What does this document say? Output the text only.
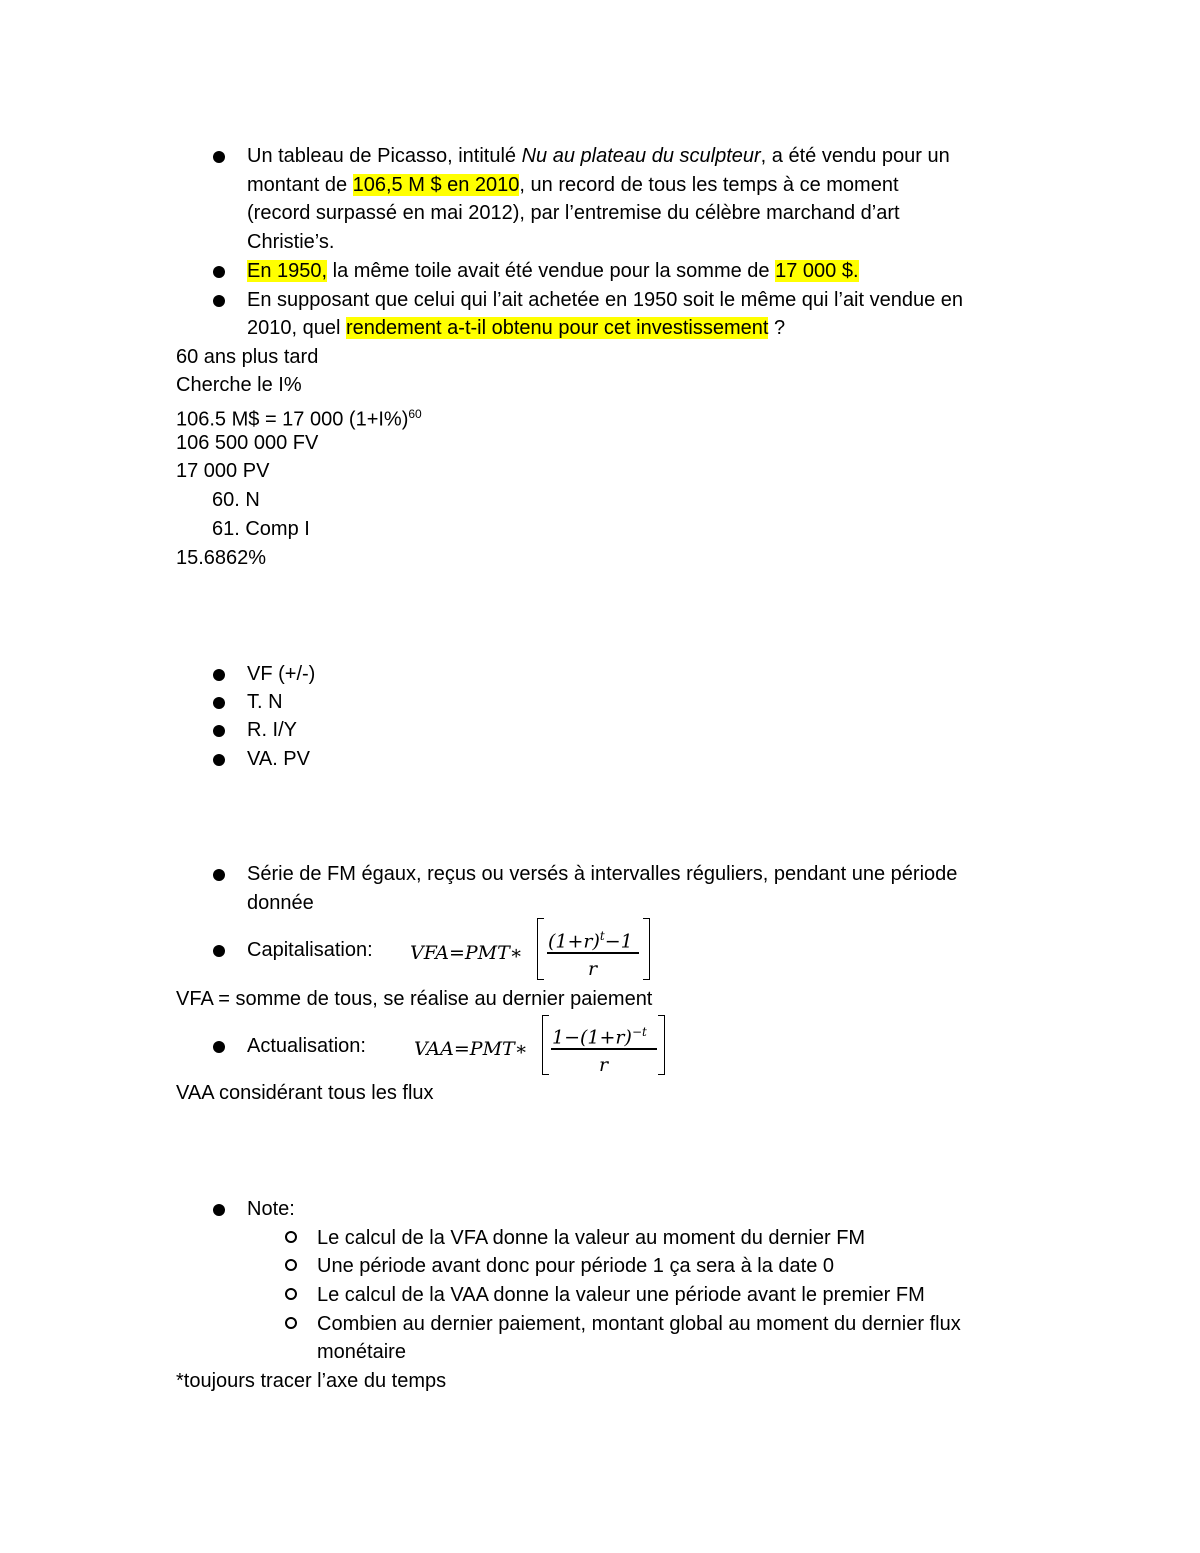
Un tableau de Picasso, intitulé Nu au plateau du sculpteur, a été vendu pour un
montant de 106,5 M $ en 2010, un record de tous les temps à ce moment
(record surpassé en mai 2012), par l’entremise du célèbre marchand d’art
Christie’s.
En 1950, la même toile avait été vendue pour la somme de 17 000 $.
En supposant que celui qui l’ait achetée en 1950 soit le même qui l’ait vendue en
2010, quel rendement a-t-il obtenu pour cet investissement ?
60 ans plus tard
Cherche le I%
106.5 M$ = 17 000 $(1+I\%)^{60}$
106 500 000 FV
17 000 PV
60. N
61. Comp I
15.6862%
VF (+/-)
T. N
R. I/Y
VA. PV
Série de FM égaux, reçus ou versés à intervalles réguliers, pendant une période
donnée
Capitalisation: VFA=PMT∗
$(1+r)^t-1$
r
VFA = somme de tous, se réalise au dernier paiement
Actualisation:	VAA=PMT∗
$1-(1+r)^{-t}$
r
VAA considérant tous les flux
Note:
Le calcul de la VFA donne la valeur au moment du dernier FM
Une période avant donc pour période 1 ça sera à la date 0
Le calcul de la VAA donne la valeur une période avant le premier FM
Combien au dernier paiement, montant global au moment du dernier flux
monétaire
*toujours tracer l’axe du temps
